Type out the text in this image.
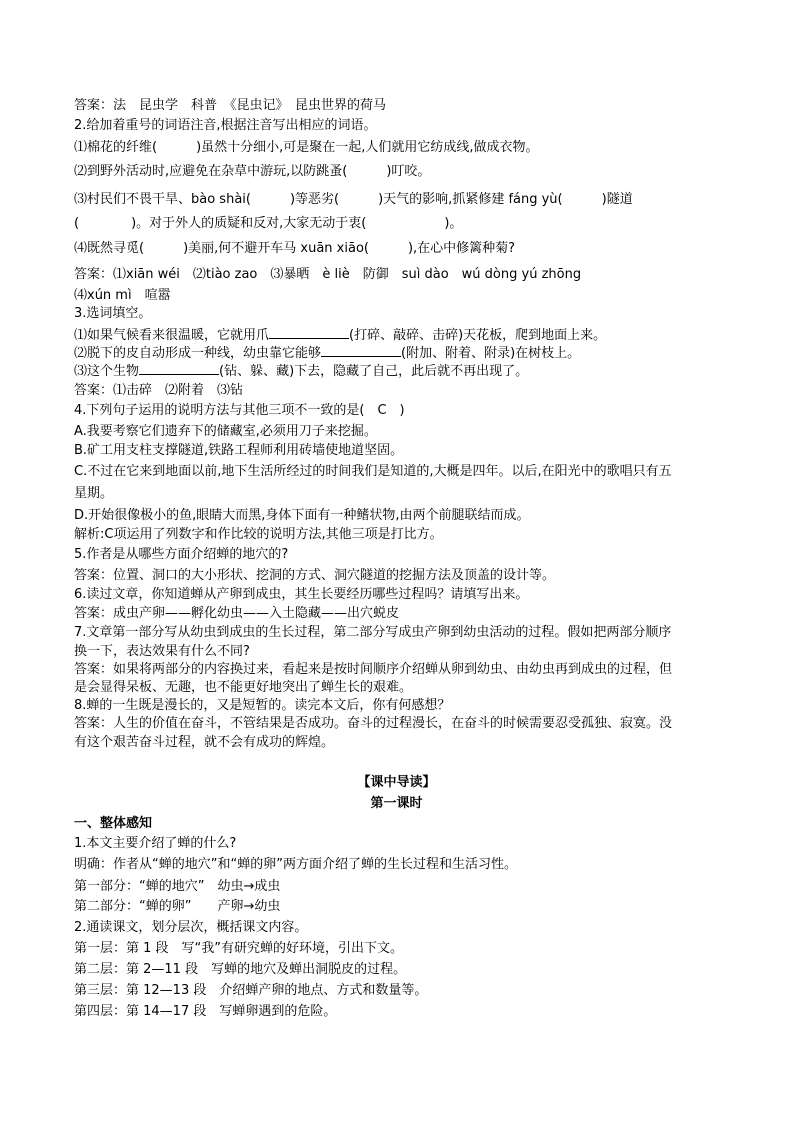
答案：法　昆虫学　科普　《昆虫记》　昆虫世界的荷马
2.给加着重号的词语注音,根据注音写出相应的词语。
⑴棉花的纤维(　　　)虽然十分细小,可是聚在一起,人们就用它纺成线,做成衣物。
⑵到野外活动时,应避免在杂草中游玩,以防跳蚤(　　　)叮咬。
⑶村民们不畏干旱、bào shài(　　　)等恶劣(　　　)天气的影响,抓紧修建 fáng yù(　　　)隧道
(　　　　)。对于外人的质疑和反对,大家无动于衷(　　　　　　)。
⑷既然寻觅(　　　)美丽,何不避开车马 xuān xiāo(　　　),在心中修篱种菊?
答案：⑴xiān wéi　⑵tiào zao　⑶暴晒　è liè　防御　suì dào　wú dòng yú zhōng
⑷xún mì　喧嚣
3.选词填空。
⑴如果气候看来很温暖，它就用爪	(打碎、敲碎、击碎)天花板，爬到地面上来。
⑵脱下的皮自动形成一种线，幼虫靠它能够	(附加、附着、附录)在树枝上。
⑶这个生物	(钻、躲、藏)下去，隐藏了自己，此后就不再出现了。
答案：⑴击碎　⑵附着　⑶钻
4.下列句子运用的说明方法与其他三项不一致的是(　C　)
A.我要考察它们遗弃下的储藏室,必须用刀子来挖掘。
B.矿工用支柱支撑隧道,铁路工程师利用砖墙使地道坚固。
C.不过在它来到地面以前,地下生活所经过的时间我们是知道的,大概是四年。以后,在阳光中的歌唱只有五
星期。
D.开始很像极小的鱼,眼睛大而黑,身体下面有一种鳍状物,由两个前腿联结而成。
解析:C项运用了列数字和作比较的说明方法,其他三项是打比方。
5.作者是从哪些方面介绍蝉的地穴的?
答案：位置、洞口的大小形状、挖洞的方式、洞穴隧道的挖掘方法及顶盖的设计等。
6.读过文章，你知道蝉从产卵到成虫，其生长要经历哪些过程吗？请填写出来。
答案：成虫产卵——孵化幼虫——入土隐藏——出穴蜕皮
7.文章第一部分写从幼虫到成虫的生长过程，第二部分写成虫产卵到幼虫活动的过程。假如把两部分顺序
换一下，表达效果有什么不同?
答案：如果将两部分的内容换过来，看起来是按时间顺序介绍蝉从卵到幼虫、由幼虫再到成虫的过程，但
是会显得呆板、无趣，也不能更好地突出了蝉生长的艰难。
8.蝉的一生既是漫长的，又是短暂的。读完本文后，你有何感想？
答案：人生的价值在奋斗，不管结果是否成功。奋斗的过程漫长，在奋斗的时候需要忍受孤独、寂寞。没
有这个艰苦奋斗过程，就不会有成功的辉煌。
【课中导读】
第一课时
一、整体感知
1.本文主要介绍了蝉的什么?
明确：作者从“蝉的地穴”和“蝉的卵”两方面介绍了蝉的生长过程和生活习性。
第一部分：“蝉的地穴”　幼虫→成虫
第二部分：“蝉的卵”　　产卵→幼虫
2.通读课文，划分层次，概括课文内容。
第一层：第 1 段　写“我”有研究蝉的好环境，引出下文。
第二层：第 2—11 段　写蝉的地穴及蝉出洞脱皮的过程。
第三层：第 12—13 段　介绍蝉产卵的地点、方式和数量等。
第四层：第 14—17 段　写蝉卵遇到的危险。
